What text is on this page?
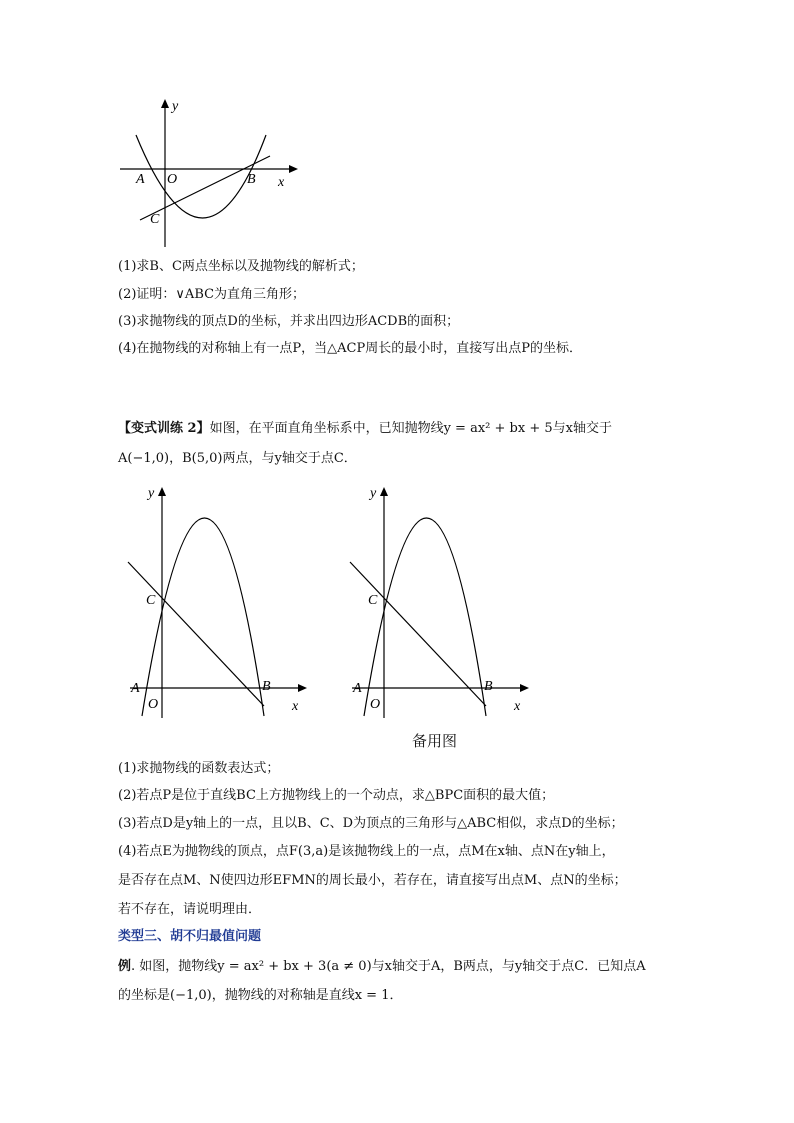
y
x
A O	B
C
(1)求B、C两点坐标以及抛物线的解析式；
(2)证明：∨ABC为直角三角形；
(3)求抛物线的顶点D的坐标，并求出四边形ACDB的面积；
(4)在抛物线的对称轴上有一点P，当△ACP周长的最小时，直接写出点P的坐标．
【变式训练 2】如图，在平面直角坐标系中，已知抛物线y = ax² + bx + 5与x轴交于
A(−1,0)，B(5,0)两点，与y轴交于点C．
y
x
A
O
B
C
y
x
A
O
B
C
备用图
(1)求抛物线的函数表达式；
(2)若点P是位于直线BC上方抛物线上的一个动点，求△BPC面积的最大值；
(3)若点D是y轴上的一点，且以B、C、D为顶点的三角形与△ABC相似，求点D的坐标；
(4)若点E为抛物线的顶点，点F(3,a)是该抛物线上的一点，点M在x轴、点N在y轴上，
是否存在点M、N使四边形EFMN的周长最小，若存在，请直接写出点M、点N的坐标；
若不存在，请说明理由．
类型三、胡不归最值问题
例. 如图，抛物线y = ax² + bx + 3(a ≠ 0)与x轴交于A，B两点，与y轴交于点C．已知点A
的坐标是(−1,0)，抛物线的对称轴是直线x = 1．
